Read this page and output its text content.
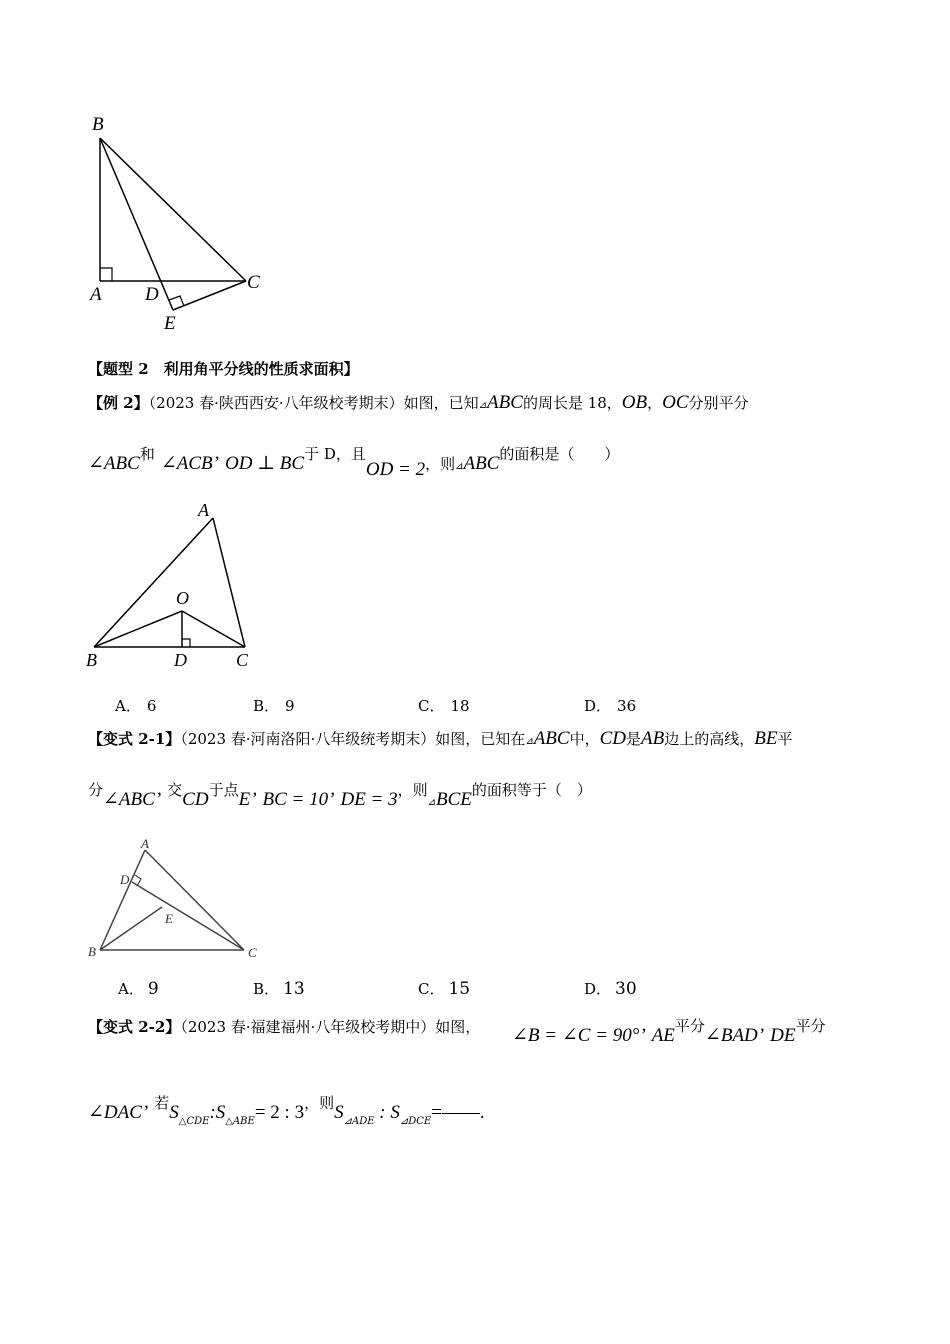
B
A D
C
E
【题型 2　利用角平分线的性质求面积】
【例 2】（2023 春·陕西西安·八年级校考期末）如图，已知⊿ABC的周长是 18，OB，OC分别平分
∠ABC和 ∠ACB’ OD ⊥ BC于 D，且OD = 2，则⊿ABC的面积是（　　）
A
O
B	D	C
A． 6	B． 9	C． 18	D． 36
【变式 2-1】（2023 春·河南洛阳·八年级统考期末）如图，已知在⊿ABC中，CD是AB边上的高线，BE平
分∠ABC’ 交CD于点E’ BC = 10’ DE = 3，则⊿BCE的面积等于（　）
A
D
E
B	C
A． 9	B． 13	C． 15	D． 30
【变式 2-2】（2023 春·福建福州·八年级校考期中）如图， ∠B = ∠C = 90°’ AE平分∠BAD’ DE平分
∠DAC’ 若$S_{\triangle CDE}:S_{\triangle ABE}= 2$ : 3，则$S_{⊿ADE}$ : $S_{⊿DCE}=——$.
